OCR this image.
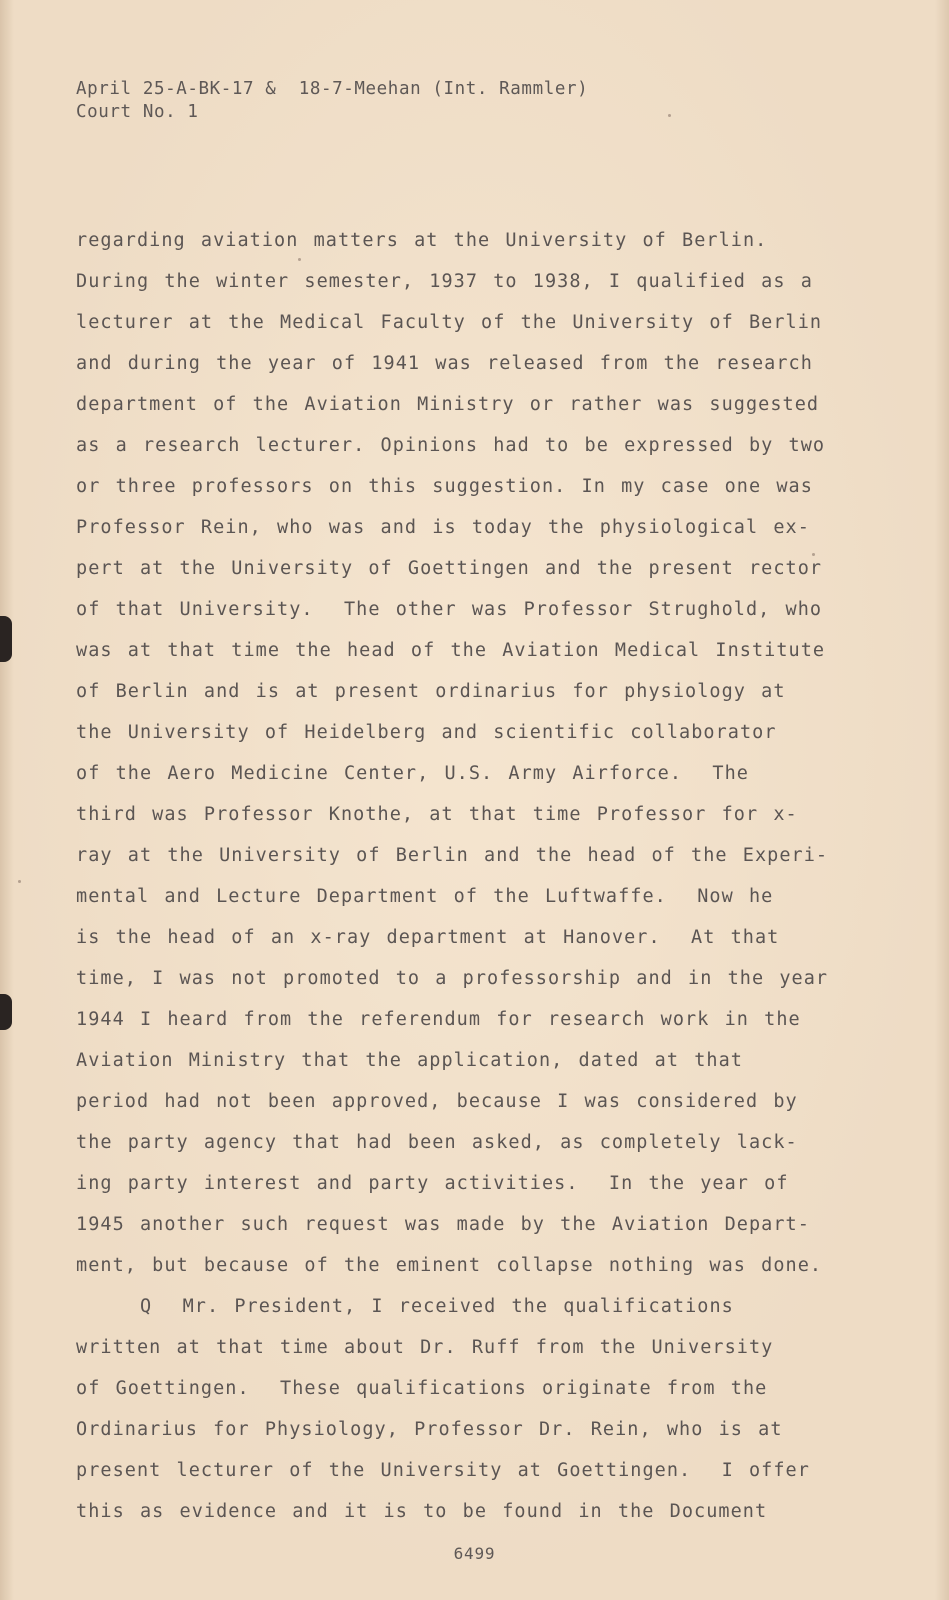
April 25-A-BK-17 &  18-7-Meehan (Int. Rammler)
Court No. 1
regarding aviation matters at the University of Berlin.
During the winter semester, 1937 to 1938, I qualified as a
lecturer at the Medical Faculty of the University of Berlin
and during the year of 1941 was released from the research
department of the Aviation Ministry or rather was suggested
as a research lecturer. Opinions had to be expressed by two
or three professors on this suggestion. In my case one was
Professor Rein, who was and is today the physiological ex-
pert at the University of Goettingen and the present rector
of that University.  The other was Professor Strughold, who
was at that time the head of the Aviation Medical Institute
of Berlin and is at present ordinarius for physiology at
the University of Heidelberg and scientific collaborator
of the Aero Medicine Center, U.S. Army Airforce.  The
third was Professor Knothe, at that time Professor for x-
ray at the University of Berlin and the head of the Experi-
mental and Lecture Department of the Luftwaffe.  Now he
is the head of an x-ray department at Hanover.  At that
time, I was not promoted to a professorship and in the year
1944 I heard from the referendum for research work in the
Aviation Ministry that the application, dated at that
period had not been approved, because I was considered by
the party agency that had been asked, as completely lack-
ing party interest and party activities.  In the year of
1945 another such request was made by the Aviation Depart-
ment, but because of the eminent collapse nothing was done.
Q  Mr. President, I received the qualifications
written at that time about Dr. Ruff from the University
of Goettingen.  These qualifications originate from the
Ordinarius for Physiology, Professor Dr. Rein, who is at
present lecturer of the University at Goettingen.  I offer
this as evidence and it is to be found in the Document
6499
